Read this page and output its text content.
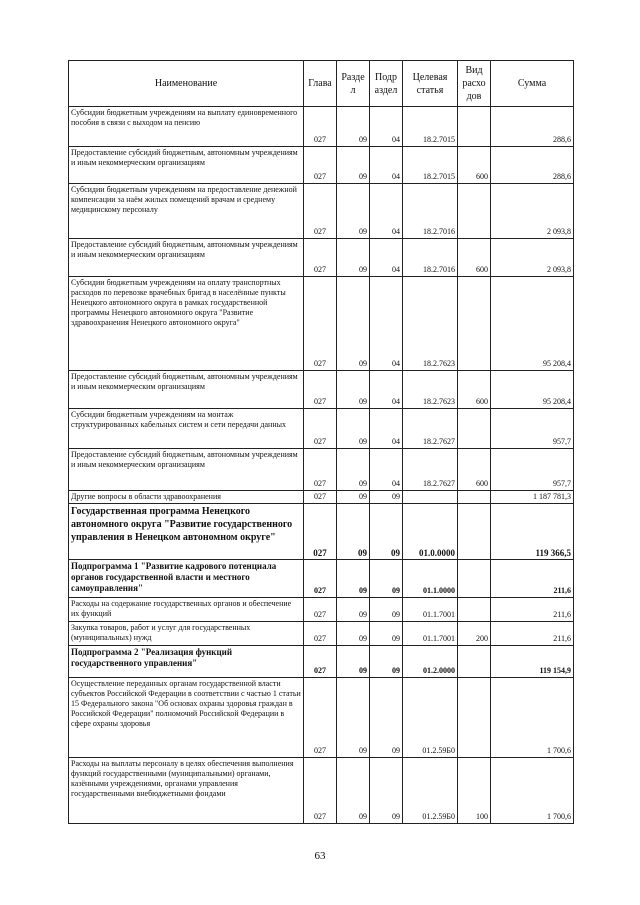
Наименование	Глава	Разде л	Подр аздел	Целевая статья	Вид расхо дов	Сумма
Субсидии бюджетным учреждениям на выплату единовременного пособия в связи с выходом на пенсию	027	09	04	18.2.7015		288,6
Предоставление субсидий бюджетным, автономным учреждениям и иным некоммерческим организациям	027	09	04	18.2.7015	600	288,6
Субсидии бюджетным учреждениям на предоставление денежной компенсации за наём жилых помещений врачам и среднему медицинскому персоналу	027	09	04	18.2.7016		2 093,8
Предоставление субсидий бюджетным, автономным учреждениям и иным некоммерческим организациям	027	09	04	18.2.7016	600	2 093,8
Субсидии бюджетным учреждениям на оплату транспортных расходов по перевозке врачебных бригад в населённые пункты Ненецкого автономного округа в рамках государственной программы Ненецкого автономного округа "Развитие здравоохранения Ненецкого автономного округа"	027	09	04	18.2.7623		95 208,4
Предоставление субсидий бюджетным, автономным учреждениям и иным некоммерческим организациям	027	09	04	18.2.7623	600	95 208,4
Субсидии бюджетным учреждениям на монтаж структурированных кабельных систем и сети передачи данных	027	09	04	18.2.7627		957,7
Предоставление субсидий бюджетным, автономным учреждениям и иным некоммерческим организациям	027	09	04	18.2.7627	600	957,7
Другие вопросы в области здравоохранения	027	09	09			1 187 781,3
Государственная программа Ненецкого автономного округа "Развитие государственного управления в Ненецком автономном округе"	027	09	09	01.0.0000		119 366,5
Подпрограмма 1 "Развитие кадрового потенциала органов государственной власти и местного самоуправления"	027	09	09	01.1.0000		211,6
Расходы на содержание государственных органов и обеспечение их функций	027	09	09	01.1.7001		211,6
Закупка товаров, работ и услуг для государственных (муниципальных) нужд	027	09	09	01.1.7001	200	211,6
Подпрограмма 2 "Реализация функций государственного управления"	027	09	09	01.2.0000		119 154,9
Осуществление переданных органам государственной власти субъектов Российской Федерации в соответствии с частью 1 статьи 15 Федерального закона "Об основах охраны здоровья граждан в Российской Федерации" полномочий Российской Федерации в сфере охраны здоровья	027	09	09	01.2.59Б0		1 700,6
Расходы на выплаты персоналу в целях обеспечения выполнения функций государственными (муниципальными) органами, казёнными учреждениями, органами управления государственными внебюджетными фондами	027	09	09	01.2.59Б0	100	1 700,6
63
